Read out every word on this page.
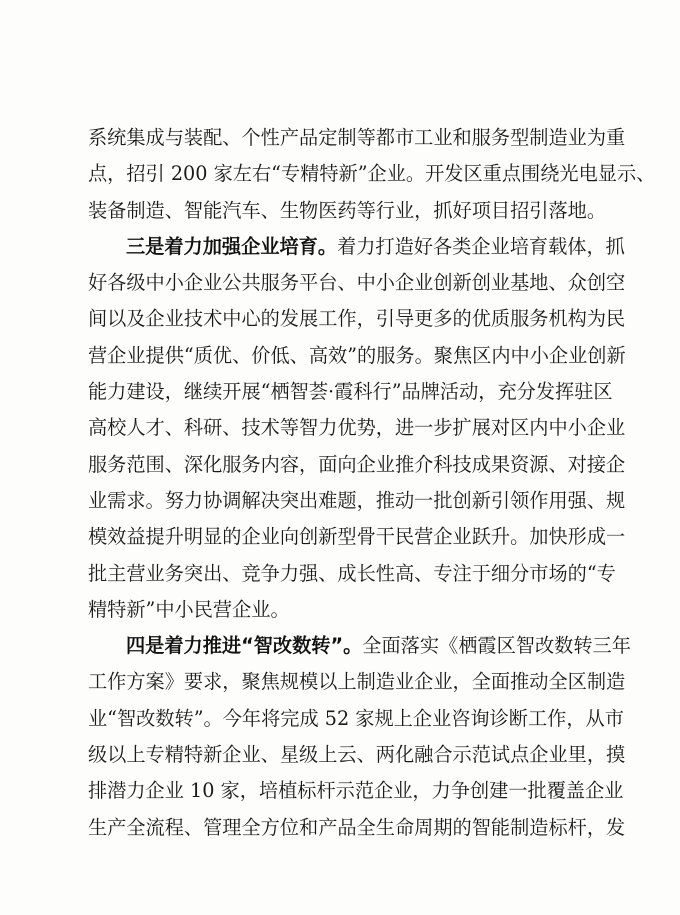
系统集成与装配、个性产品定制等都市工业和服务型制造业为重
点，招引 200 家左右“专精特新”企业。开发区重点围绕光电显示、
装备制造、智能汽车、生物医药等行业，抓好项目招引落地。
三是着力加强企业培育。着力打造好各类企业培育载体，抓
好各级中小企业公共服务平台、中小企业创新创业基地、众创空
间以及企业技术中心的发展工作，引导更多的优质服务机构为民
营企业提供“质优、价低、高效”的服务。聚焦区内中小企业创新
能力建设，继续开展“栖智荟·霞科行”品牌活动，充分发挥驻区
高校人才、科研、技术等智力优势，进一步扩展对区内中小企业
服务范围、深化服务内容，面向企业推介科技成果资源、对接企
业需求。努力协调解决突出难题，推动一批创新引领作用强、规
模效益提升明显的企业向创新型骨干民营企业跃升。加快形成一
批主营业务突出、竞争力强、成长性高、专注于细分市场的“专
精特新”中小民营企业。
四是着力推进“智改数转”。全面落实《栖霞区智改数转三年
工作方案》要求，聚焦规模以上制造业企业，全面推动全区制造
业“智改数转”。今年将完成 52 家规上企业咨询诊断工作，从市
级以上专精特新企业、星级上云、两化融合示范试点企业里，摸
排潜力企业 10 家，培植标杆示范企业，力争创建一批覆盖企业
生产全流程、管理全方位和产品全生命周期的智能制造标杆，发
